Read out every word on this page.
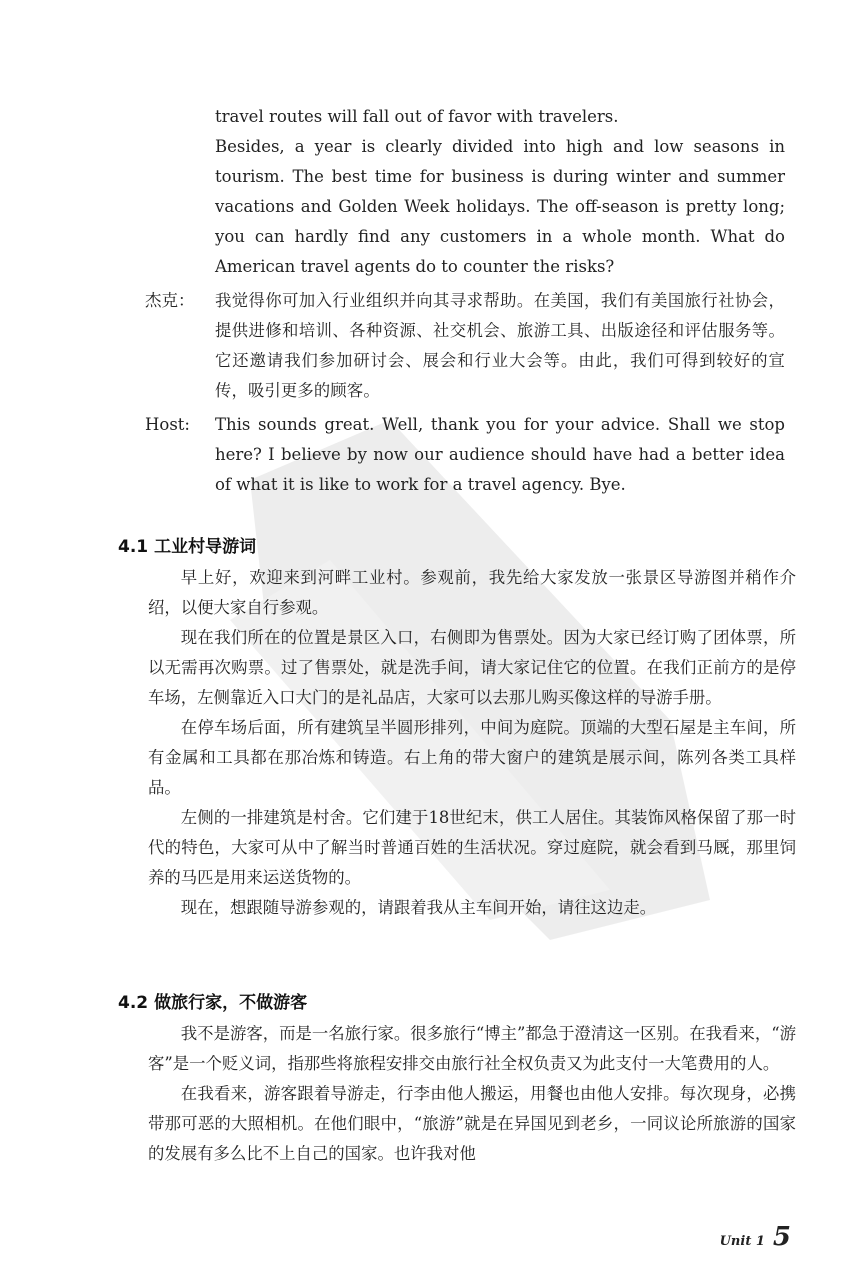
travel routes will fall out of favor with travelers.

Besides, a year is clearly divided into high and low seasons in tourism. The best time for business is during winter and summer vacations and Golden Week holidays. The off-season is pretty long; you can hardly find any customers in a whole month. What do American travel agents do to counter the risks?

杰克：	我觉得你可加入行业组织并向其寻求帮助。在美国，我们有美国旅行社协会，提供进修和培训、各种资源、社交机会、旅游工具、出版途径和评估服务等。它还邀请我们参加研讨会、展会和行业大会等。由此，我们可得到较好的宣传，吸引更多的顾客。
Host:	This sounds great. Well, thank you for your advice. Shall we stop here? I believe by now our audience should have had a better idea of what it is like to work for a travel agency. Bye.
4.1 工业村导游词

早上好，欢迎来到河畔工业村。参观前，我先给大家发放一张景区导游图并稍作介绍，以便大家自行参观。

现在我们所在的位置是景区入口，右侧即为售票处。因为大家已经订购了团体票，所以无需再次购票。过了售票处，就是洗手间，请大家记住它的位置。在我们正前方的是停车场，左侧靠近入口大门的是礼品店，大家可以去那儿购买像这样的导游手册。

在停车场后面，所有建筑呈半圆形排列，中间为庭院。顶端的大型石屋是主车间，所有金属和工具都在那冶炼和铸造。右上角的带大窗户的建筑是展示间，陈列各类工具样品。

左侧的一排建筑是村舍。它们建于18世纪末，供工人居住。其装饰风格保留了那一时代的特色，大家可从中了解当时普通百姓的生活状况。穿过庭院，就会看到马厩，那里饲养的马匹是用来运送货物的。

现在，想跟随导游参观的，请跟着我从主车间开始，请往这边走。

4.2 做旅行家，不做游客

我不是游客，而是一名旅行家。很多旅行“博主”都急于澄清这一区别。在我看来，“游客”是一个贬义词，指那些将旅程安排交由旅行社全权负责又为此支付一大笔费用的人。

在我看来，游客跟着导游走，行李由他人搬运，用餐也由他人安排。每次现身，必携带那可恶的大照相机。在他们眼中，“旅游”就是在异国见到老乡，一同议论所旅游的国家的发展有多么比不上自己的国家。也许我对他

Unit 1 5
